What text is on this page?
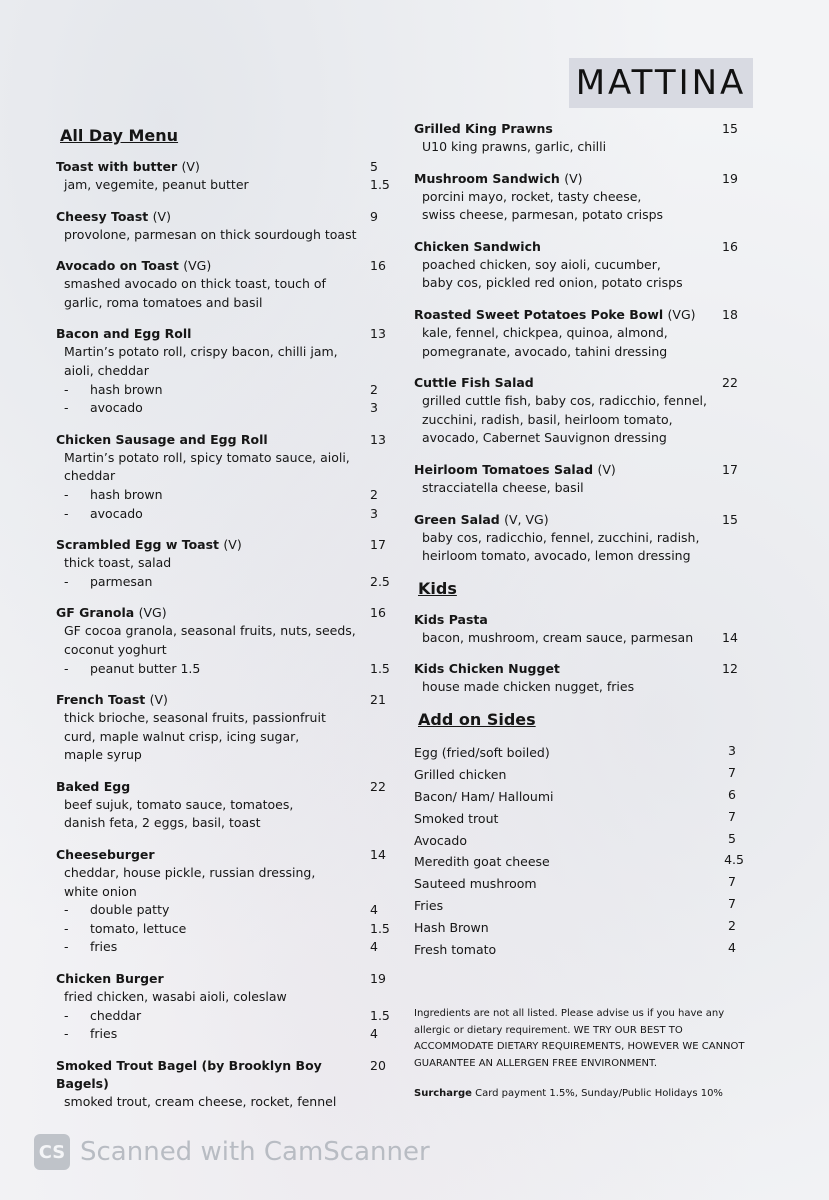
MATTINA
All Day Menu
Toast with butter (V)	5
jam, vegemite, peanut butter	1.5
Cheesy Toast (V)	9
provolone, parmesan on thick sourdough toast
Avocado on Toast (VG)	16
smashed avocado on thick toast, touch of
garlic, roma tomatoes and basil
Bacon and Egg Roll	13
Martin’s potato roll, crispy bacon, chilli jam,
aioli, cheddar
-	hash brown	2
-	avocado	3
Chicken Sausage and Egg Roll	13
Martin’s potato roll, spicy tomato sauce, aioli,
cheddar
-	hash brown	2
-	avocado	3
Scrambled Egg w Toast (V)	17
thick toast, salad
-	parmesan	2.5
GF Granola (VG)	16
GF cocoa granola, seasonal fruits, nuts, seeds,
coconut yoghurt
-	peanut butter 1.5	1.5
French Toast (V)	21
thick brioche, seasonal fruits, passionfruit
curd, maple walnut crisp, icing sugar,
maple syrup
Baked Egg	22
beef sujuk, tomato sauce, tomatoes,
danish feta, 2 eggs, basil, toast
Cheeseburger	14
cheddar, house pickle, russian dressing,
white onion
-	double patty	4
-	tomato, lettuce	1.5
-	fries	4
Chicken Burger	19
fried chicken, wasabi aioli, coleslaw
-	cheddar	1.5
-	fries	4
Smoked Trout Bagel (by Brooklyn Boy Bagels)
20
smoked trout, cream cheese, rocket, fennel
Grilled King Prawns	15
U10 king prawns, garlic, chilli
Mushroom Sandwich (V)	19
porcini mayo, rocket, tasty cheese,
swiss cheese, parmesan, potato crisps
Chicken Sandwich	16
poached chicken, soy aioli, cucumber,
baby cos, pickled red onion, potato crisps
Roasted Sweet Potatoes Poke Bowl (VG) 18
kale, fennel, chickpea, quinoa, almond,
pomegranate, avocado, tahini dressing
Cuttle Fish Salad	22
grilled cuttle fish, baby cos, radicchio, fennel,
zucchini, radish, basil, heirloom tomato,
avocado, Cabernet Sauvignon dressing
Heirloom Tomatoes Salad (V)	17
stracciatella cheese, basil
Green Salad (V, VG)	15
baby cos, radicchio, fennel, zucchini, radish,
heirloom tomato, avocado, lemon dressing
Kids
Kids Pasta
bacon, mushroom, cream sauce, parmesan 14
Kids Chicken Nugget	12
house made chicken nugget, fries
Add on Sides
Egg (fried/soft boiled)	3
Grilled chicken	7
Bacon/ Ham/ Halloumi	6
Smoked trout	7
Avocado	5
Meredith goat cheese	4.5
Sauteed mushroom	7
Fries	7
Hash Brown	2
Fresh tomato	4
Ingredients are not all listed. Please advise us if you have any allergic or dietary requirement. WE TRY OUR BEST TO ACCOMMODATE DIETARY REQUIREMENTS, HOWEVER WE CANNOT GUARANTEE AN ALLERGEN FREE ENVIRONMENT.
Surcharge Card payment 1.5%, Sunday/Public Holidays 10%
CS Scanned with CamScanner
